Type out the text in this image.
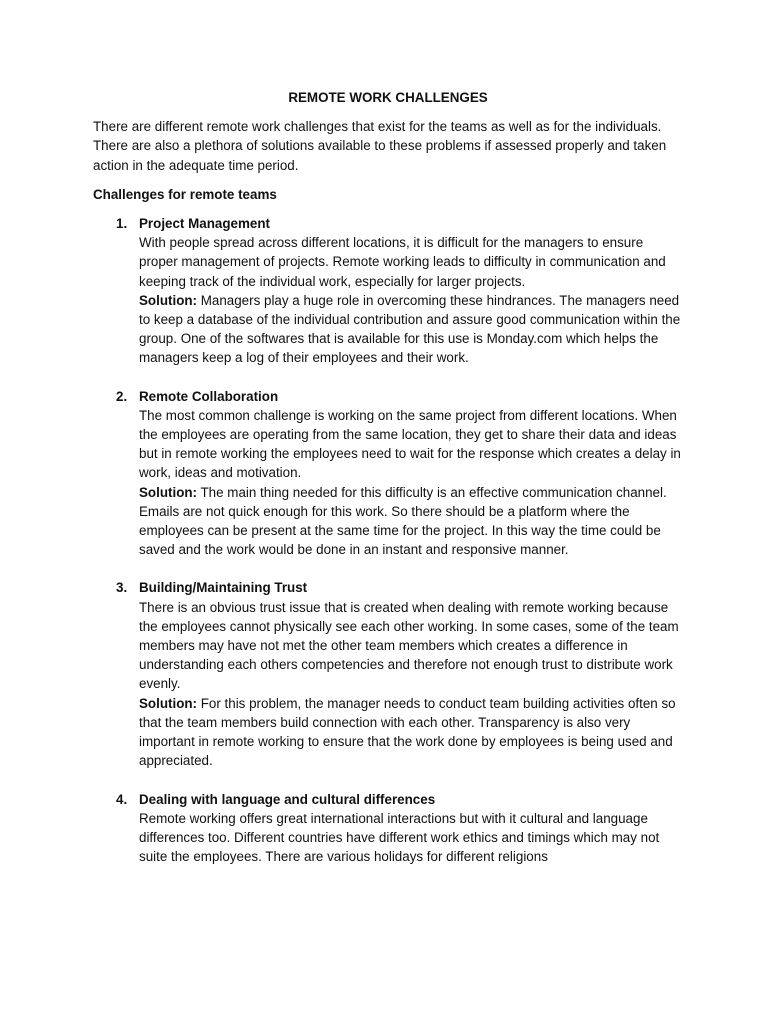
REMOTE WORK CHALLENGES

There are different remote work challenges that exist for the teams as well as for the individuals. There are also a plethora of solutions available to these problems if assessed properly and taken action in the adequate time period.

Challenges for remote teams

1. Project Management
With people spread across different locations, it is difficult for the managers to ensure proper management of projects. Remote working leads to difficulty in communication and keeping track of the individual work, especially for larger projects.
Solution: Managers play a huge role in overcoming these hindrances. The managers need to keep a database of the individual contribution and assure good communication within the group. One of the softwares that is available for this use is Monday.com which helps the managers keep a log of their employees and their work.
2. Remote Collaboration
The most common challenge is working on the same project from different locations. When the employees are operating from the same location, they get to share their data and ideas but in remote working the employees need to wait for the response which creates a delay in work, ideas and motivation.
Solution: The main thing needed for this difficulty is an effective communication channel. Emails are not quick enough for this work. So there should be a platform where the employees can be present at the same time for the project. In this way the time could be saved and the work would be done in an instant and responsive manner.
3. Building/Maintaining Trust
There is an obvious trust issue that is created when dealing with remote working because the employees cannot physically see each other working. In some cases, some of the team members may have not met the other team members which creates a difference in understanding each others competencies and therefore not enough trust to distribute work evenly.
Solution: For this problem, the manager needs to conduct team building activities often so that the team members build connection with each other. Transparency is also very important in remote working to ensure that the work done by employees is being used and appreciated.
4. Dealing with language and cultural differences
Remote working offers great international interactions but with it cultural and language differences too. Different countries have different work ethics and timings which may not suite the employees. There are various holidays for different religions
